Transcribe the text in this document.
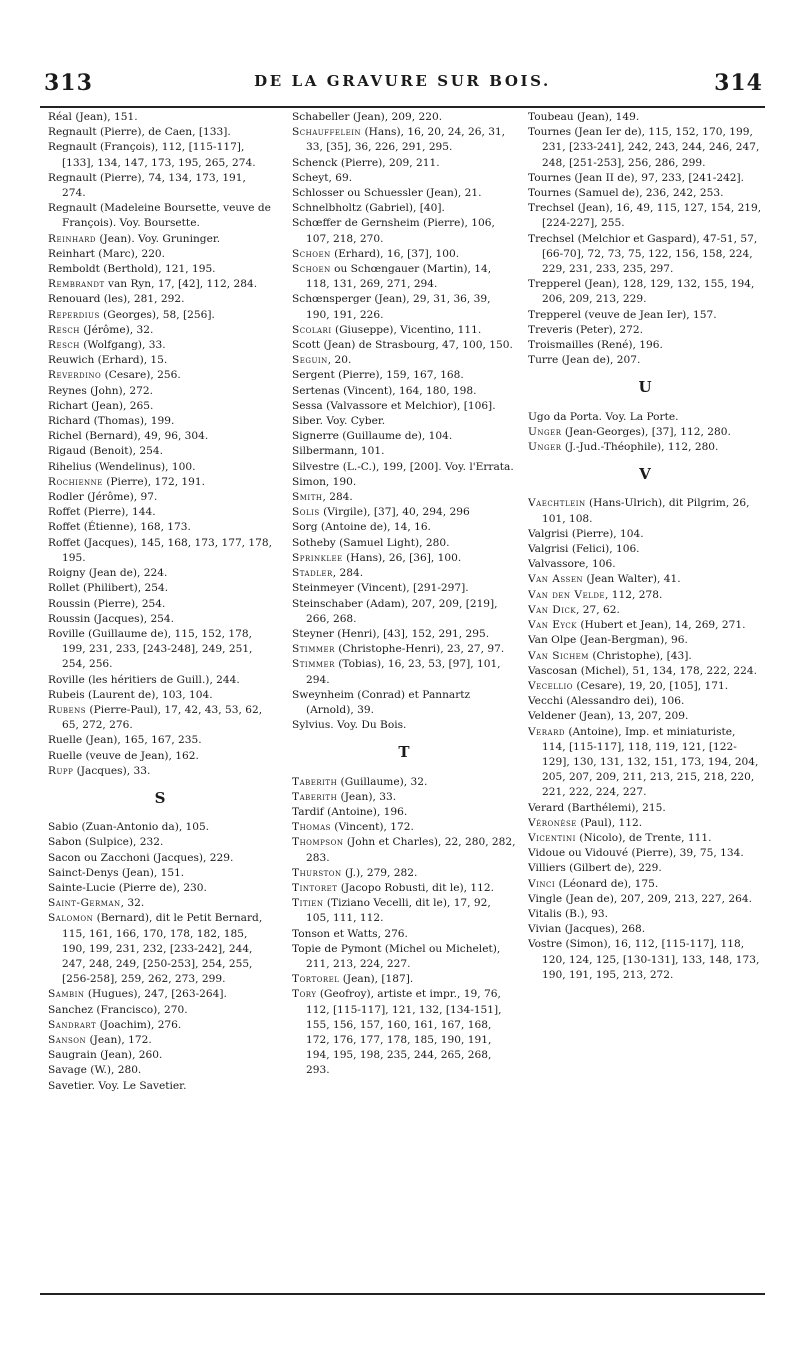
313	DE LA GRAVURE SUR BOIS.	314

Réal (Jean), 151.

Regnault (Pierre), de Caen, [133].

Regnault (François), 112, [115-117], [133], 134, 147, 173, 195, 265, 274.

Regnault (Pierre), 74, 134, 173, 191, 274.

Regnault (Madeleine Boursette, veuve de François). Voy. Boursette.

Reinhard (Jean). Voy. Gruninger.

Reinhart (Marc), 220.

Remboldt (Berthold), 121, 195.

Rembrandt van Ryn, 17, [42], 112, 284.

Renouard (les), 281, 292.

Reperdius (Georges), 58, [256].

Resch (Jérôme), 32.

Resch (Wolfgang), 33.

Reuwich (Erhard), 15.

Reverdino (Cesare), 256.

Reynes (John), 272.

Richart (Jean), 265.

Richard (Thomas), 199.

Richel (Bernard), 49, 96, 304.

Rigaud (Benoit), 254.

Rihelius (Wendelinus), 100.

Rochienne (Pierre), 172, 191.

Rodler (Jérôme), 97.

Roffet (Pierre), 144.

Roffet (Étienne), 168, 173.

Roffet (Jacques), 145, 168, 173, 177, 178, 195.

Roigny (Jean de), 224.

Rollet (Philibert), 254.

Roussin (Pierre), 254.

Roussin (Jacques), 254.

Roville (Guillaume de), 115, 152, 178, 199, 231, 233, [243-248], 249, 251, 254, 256.

Roville (les héritiers de Guill.), 244.

Rubeis (Laurent de), 103, 104.

Rubens (Pierre-Paul), 17, 42, 43, 53, 62, 65, 272, 276.

Ruelle (Jean), 165, 167, 235.

Ruelle (veuve de Jean), 162.

Rupp (Jacques), 33.

S

Sabio (Zuan-Antonio da), 105.

Sabon (Sulpice), 232.

Sacon ou Zacchoni (Jacques), 229.

Sainct-Denys (Jean), 151.

Sainte-Lucie (Pierre de), 230.

Saint-German, 32.

Salomon (Bernard), dit le Petit Bernard, 115, 161, 166, 170, 178, 182, 185, 190, 199, 231, 232, [233-242], 244, 247, 248, 249, [250-253], 254, 255, [256-258], 259, 262, 273, 299.

Sambin (Hugues), 247, [263-264].

Sanchez (Francisco), 270.

Sandrart (Joachim), 276.

Sanson (Jean), 172.

Saugrain (Jean), 260.

Savage (W.), 280.

Savetier. Voy. Le Savetier.

Schabeller (Jean), 209, 220.

Schauffelein (Hans), 16, 20, 24, 26, 31, 33, [35], 36, 226, 291, 295.

Schenck (Pierre), 209, 211.

Scheyt, 69.

Schlosser ou Schuessler (Jean), 21.

Schnelbholtz (Gabriel), [40].

Schœffer de Gernsheim (Pierre), 106, 107, 218, 270.

Schoen (Erhard), 16, [37], 100.

Schoen ou Schœngauer (Martin), 14, 118, 131, 269, 271, 294.

Schœnsperger (Jean), 29, 31, 36, 39, 190, 191, 226.

Scolari (Giuseppe), Vicentino, 111.

Scott (Jean) de Strasbourg, 47, 100, 150.

Seguin, 20.

Sergent (Pierre), 159, 167, 168.

Sertenas (Vincent), 164, 180, 198.

Sessa (Valvassore et Melchior), [106].

Siber. Voy. Cyber.

Signerre (Guillaume de), 104.

Silbermann, 101.

Silvestre (L.-C.), 199, [200]. Voy. l'Errata.

Simon, 190.

Smith, 284.

Solis (Virgile), [37], 40, 294, 296

Sorg (Antoine de), 14, 16.

Sotheby (Samuel Light), 280.

Sprinklee (Hans), 26, [36], 100.

Stadler, 284.

Steinmeyer (Vincent), [291-297].

Steinschaber (Adam), 207, 209, [219], 266, 268.

Steyner (Henri), [43], 152, 291, 295.

Stimmer (Christophe-Henri), 23, 27, 97.

Stimmer (Tobias), 16, 23, 53, [97], 101, 294.

Sweynheim (Conrad) et Pannartz (Arnold), 39.

Sylvius. Voy. Du Bois.

T

Taberith (Guillaume), 32.

Taberith (Jean), 33.

Tardif (Antoine), 196.

Thomas (Vincent), 172.

Thompson (John et Charles), 22, 280, 282, 283.

Thurston (J.), 279, 282.

Tintoret (Jacopo Robusti, dit le), 112.

Titien (Tiziano Vecelli, dit le), 17, 92, 105, 111, 112.

Tonson et Watts, 276.

Topie de Pymont (Michel ou Michelet), 211, 213, 224, 227.

Tortorel (Jean), [187].

Tory (Geofroy), artiste et impr., 19, 76, 112, [115-117], 121, 132, [134-151], 155, 156, 157, 160, 161, 167, 168, 172, 176, 177, 178, 185, 190, 191, 194, 195, 198, 235, 244, 265, 268, 293.

Toubeau (Jean), 149.

Tournes (Jean Ier de), 115, 152, 170, 199, 231, [233-241], 242, 243, 244, 246, 247, 248, [251-253], 256, 286, 299.

Tournes (Jean II de), 97, 233, [241-242].

Tournes (Samuel de), 236, 242, 253.

Trechsel (Jean), 16, 49, 115, 127, 154, 219, [224-227], 255.

Trechsel (Melchior et Gaspard), 47-51, 57, [66-70], 72, 73, 75, 122, 156, 158, 224, 229, 231, 233, 235, 297.

Trepperel (Jean), 128, 129, 132, 155, 194, 206, 209, 213, 229.

Trepperel (veuve de Jean Ier), 157.

Treveris (Peter), 272.

Troismailles (René), 196.

Turre (Jean de), 207.

U

Ugo da Porta. Voy. La Porte.

Unger (Jean-Georges), [37], 112, 280.

Unger (J.-Jud.-Théophile), 112, 280.

V

Vaechtlein (Hans-Ulrich), dit Pilgrim, 26, 101, 108.

Valgrisi (Pierre), 104.

Valgrisi (Felici), 106.

Valvassore, 106.

Van Assen (Jean Walter), 41.

Van den Velde, 112, 278.

Van Dick, 27, 62.

Van Eyck (Hubert et Jean), 14, 269, 271.

Van Olpe (Jean-Bergman), 96.

Van Sichem (Christophe), [43].

Vascosan (Michel), 51, 134, 178, 222, 224.

Vecellio (Cesare), 19, 20, [105], 171.

Vecchi (Alessandro dei), 106.

Veldener (Jean), 13, 207, 209.

Verard (Antoine), Imp. et miniaturiste, 114, [115-117], 118, 119, 121, [122-129], 130, 131, 132, 151, 173, 194, 204, 205, 207, 209, 211, 213, 215, 218, 220, 221, 222, 224, 227.

Verard (Barthélemi), 215.

Véronèse (Paul), 112.

Vicentini (Nicolo), de Trente, 111.

Vidoue ou Vidouvé (Pierre), 39, 75, 134.

Villiers (Gilbert de), 229.

Vinci (Léonard de), 175.

Vingle (Jean de), 207, 209, 213, 227, 264.

Vitalis (B.), 93.

Vivian (Jacques), 268.

Vostre (Simon), 16, 112, [115-117], 118, 120, 124, 125, [130-131], 133, 148, 173, 190, 191, 195, 213, 272.
